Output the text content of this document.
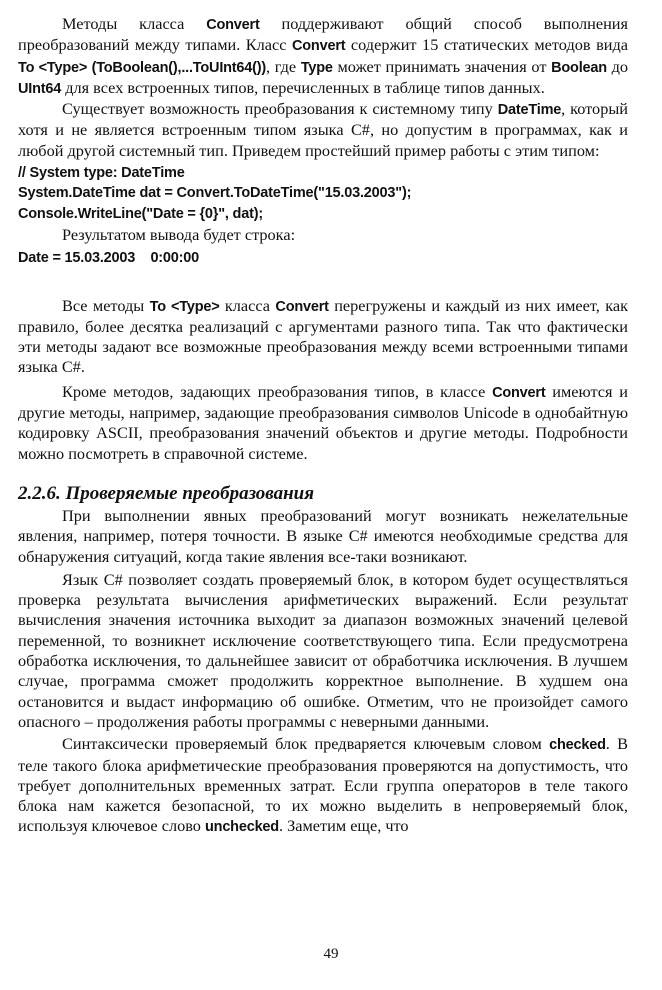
Методы класса Convert поддерживают общий способ выполнения преобразований между типами. Класс Convert содержит 15 статических методов вида To <Type> (ToBoolean(),...ToUInt64()), где Type может принимать значения от Boolean до UInt64 для всех встроенных типов, перечисленных в таблице типов данных.

Существует возможность преобразования к системному типу DateTime, который хотя и не является встроенным типом языка C#, но допустим в программах, как и любой другой системный тип. Приведем простейший пример работы с этим типом:

// System type: DateTime
System.DateTime dat = Convert.ToDateTime("15.03.2003");
Console.WriteLine("Date = {0}", dat);

Результатом вывода будет строка:

Date = 15.03.2003    0:00:00

Все методы To <Type> класса Convert перегружены и каждый из них имеет, как правило, более десятка реализаций с аргументами разного типа. Так что фактически эти методы задают все возможные преобразования между всеми встроенными типами языка C#.

Кроме методов, задающих преобразования типов, в классе Convert имеются и другие методы, например, задающие преобразования символов Unicode в однобайтную кодировку ASCII, преобразования значений объектов и другие методы. Подробности можно посмотреть в справочной системе.

2.2.6. Проверяемые преобразования

При выполнении явных преобразований могут возникать нежелательные явления, например, потеря точности. В языке C# имеются необходимые средства для обнаружения ситуаций, когда такие явления все-таки возникают.

Язык C# позволяет создать проверяемый блок, в котором будет осуществляться проверка результата вычисления арифметических выражений. Если результат вычисления значения источника выходит за диапазон возможных значений целевой переменной, то возникнет исключение соответствующего типа. Если предусмотрена обработка исключения, то дальнейшее зависит от обработчика исключения. В лучшем случае, программа сможет продолжить корректное выполнение. В худшем она остановится и выдаст информацию об ошибке. Отметим, что не произойдет самого опасного – продолжения работы программы с неверными данными.

Синтаксически проверяемый блок предваряется ключевым словом checked. В теле такого блока арифметические преобразования проверяются на допустимость, что требует дополнительных временных затрат. Если группа операторов в теле такого блока нам кажется безопасной, то их можно выделить в непроверяемый блок, используя ключевое слово unchecked. Заметим еще, что

49
